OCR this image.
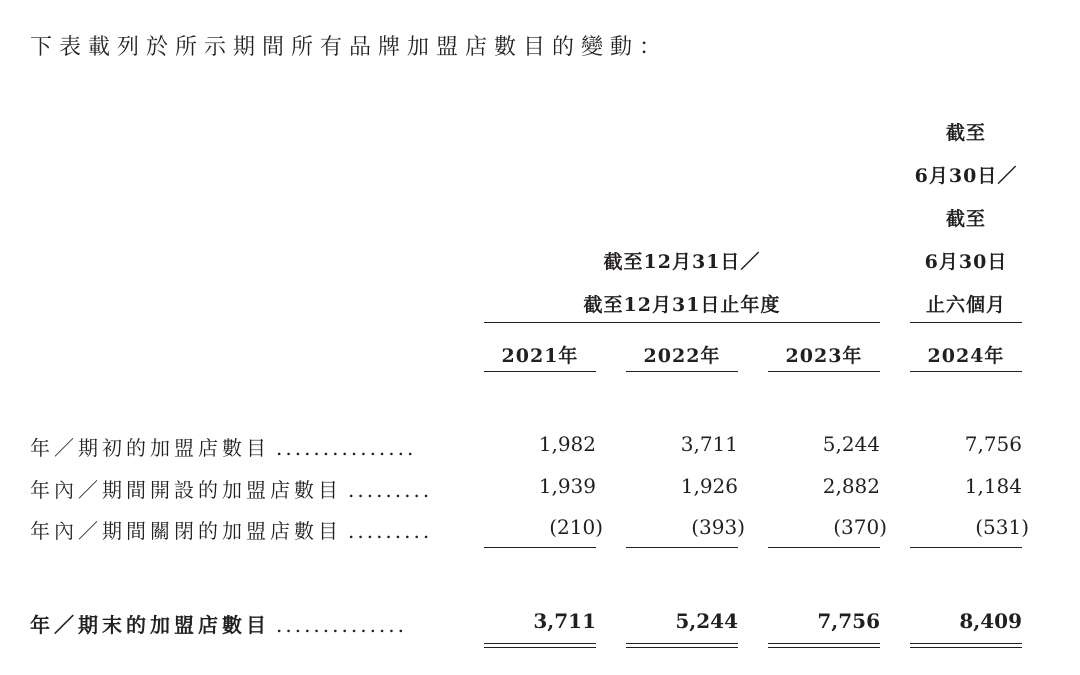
下表載列於所示期間所有品牌加盟店數目的變動：
截至
6月30日／
截至
6月30日
止六個月
截至12月31日／
截至12月31日止年度
2021年	2022年	2023年	2024年
年／期初的加盟店數目 ...............	1,982	3,711	5,244	7,756
年內／期間開設的加盟店數目 .........	1,939	1,926	2,882	1,184
年內／期間關閉的加盟店數目 .........	(210)	(393)	(370)	(531)
年／期末的加盟店數目 ..............	3,711	5,244	7,756	8,409
